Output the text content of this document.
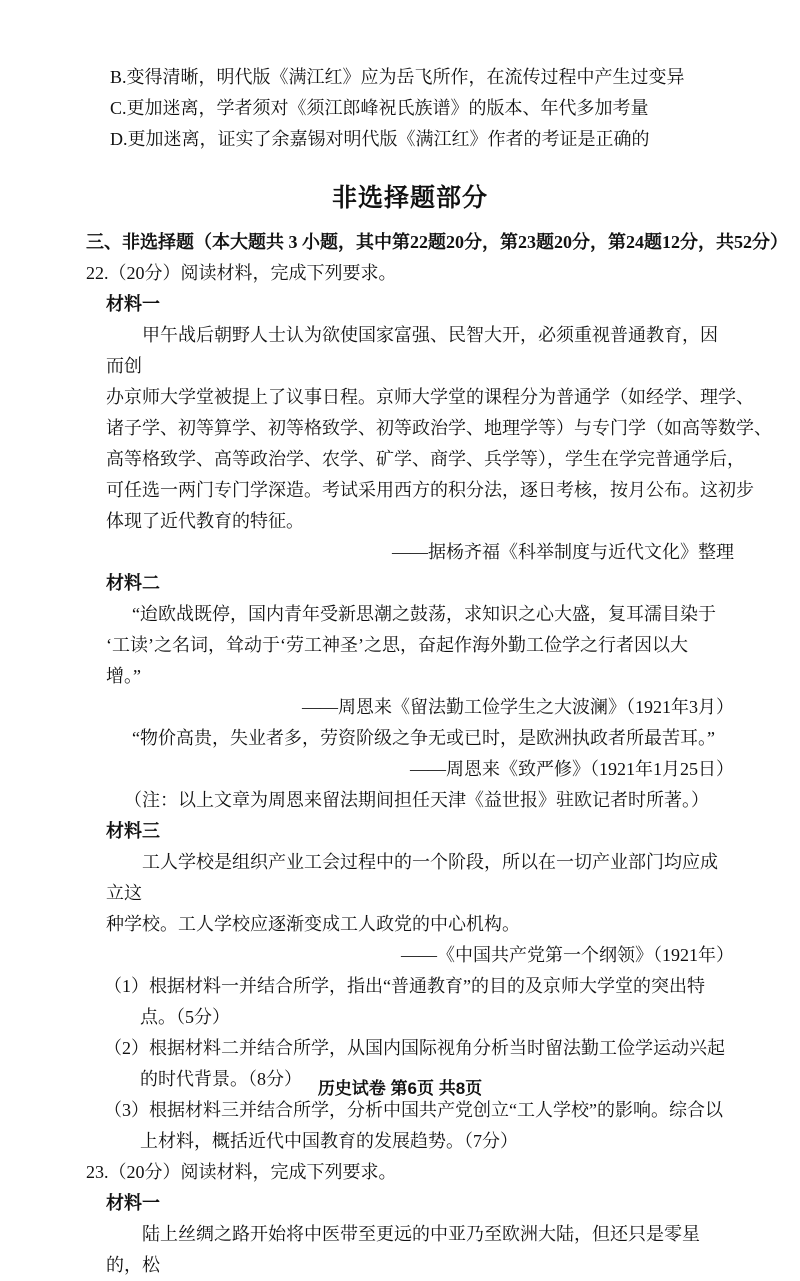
B.变得清晰，明代版《满江红》应为岳飞所作，在流传过程中产生过变异
C.更加迷离，学者须对《须江郎峰祝氏族谱》的版本、年代多加考量
D.更加迷离，证实了余嘉锡对明代版《满江红》作者的考证是正确的
非选择题部分
三、非选择题（本大题共 3 小题，其中第22题20分，第23题20分，第24题12分，共52分）
22.（20分）阅读材料，完成下列要求。
材料一
甲午战后朝野人士认为欲使国家富强、民智大开，必须重视普通教育，因而创
办京师大学堂被提上了议事日程。京师大学堂的课程分为普通学（如经学、理学、
诸子学、初等算学、初等格致学、初等政治学、地理学等）与专门学（如高等数学、
高等格致学、高等政治学、农学、矿学、商学、兵学等），学生在学完普通学后，
可任选一两门专门学深造。考试采用西方的积分法，逐日考核，按月公布。这初步
体现了近代教育的特征。
——据杨齐福《科举制度与近代文化》整理
材料二
“迨欧战既停，国内青年受新思潮之鼓荡，求知识之心大盛，复耳濡目染于
‘工读’之名词，耸动于‘劳工神圣’之思，奋起作海外勤工俭学之行者因以大
增。”
——周恩来《留法勤工俭学生之大波澜》（1921年3月）
“物价高贵，失业者多，劳资阶级之争无或已时，是欧洲执政者所最苦耳。”
——周恩来《致严修》（1921年1月25日）
（注：以上文章为周恩来留法期间担任天津《益世报》驻欧记者时所著。）
材料三
工人学校是组织产业工会过程中的一个阶段，所以在一切产业部门均应成立这
种学校。工人学校应逐渐变成工人政党的中心机构。
——《中国共产党第一个纲领》（1921年）
（1）根据材料一并结合所学，指出“普通教育”的目的及京师大学堂的突出特点。（5分）
（2）根据材料二并结合所学，从国内国际视角分析当时留法勤工俭学运动兴起的时代背景。（8分）
（3）根据材料三并结合所学，分析中国共产党创立“工人学校”的影响。综合以上材料，概括近代中国教育的发展趋势。（7分）
23.（20分）阅读材料，完成下列要求。
材料一
陆上丝绸之路开始将中医带至更远的中亚乃至欧洲大陆，但还只是零星的，松
历史试卷 第6页 共8页
